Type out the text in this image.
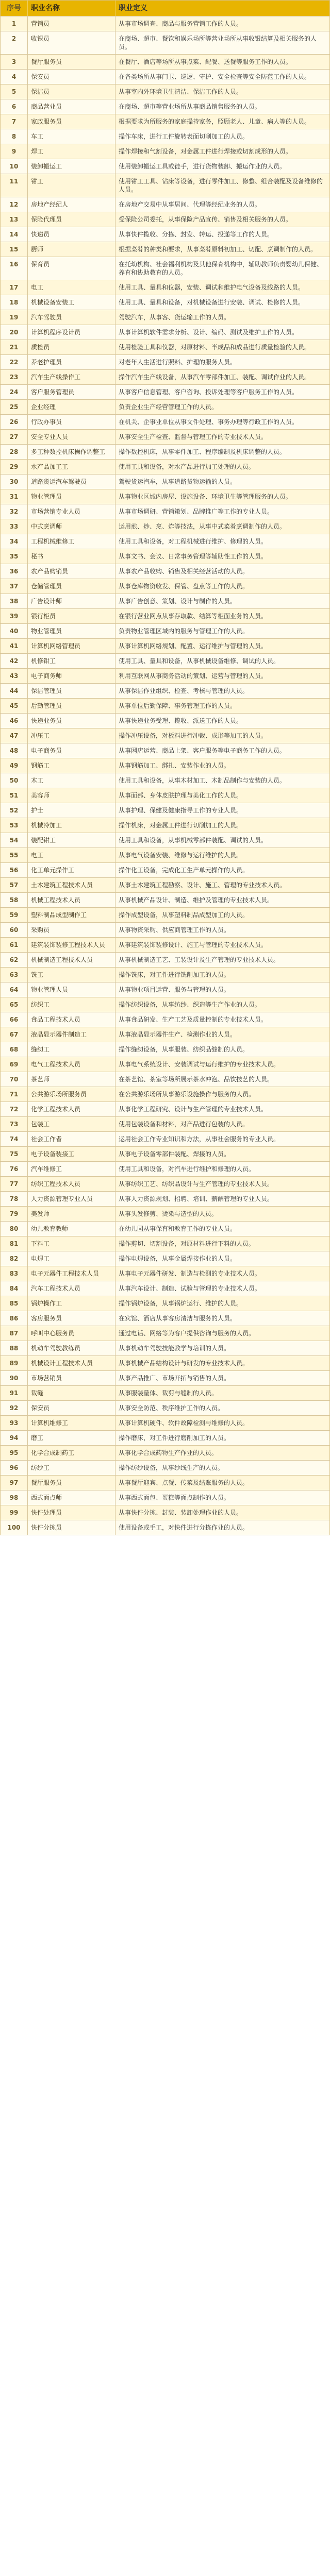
序号	职业名称	职业定义
1	营销员	从事市场调查、商品与服务营销工作的人员。
2	收银员	在商场、超市、餐饮和娱乐场所等营业场所从事收银结算及相关服务的人员。
3	餐厅服务员	在餐厅、酒店等场所从事点菜、配餐、送餐等服务工作的人员。
4	保安员	在各类场所从事门卫、巡逻、守护、安全检查等安全防范工作的人员。
5	保洁员	从事室内外环境卫生清洁、保洁工作的人员。
6	商品营业员	在商场、超市等营业场所从事商品销售服务的人员。
7	家政服务员	根据要求为所服务的家庭操持家务，照顾老人、儿童、病人等的人员。
8	车工	操作车床，进行工件旋转表面切削加工的人员。
9	焊工	操作焊接和气割设备，对金属工件进行焊接或切割成形的人员。
10	装卸搬运工	使用装卸搬运工具或徒手，进行货物装卸、搬运作业的人员。
11	钳工	使用钳工工具、钻床等设备，进行零件加工、修整、组合装配及设备维修的人员。
12	房地产经纪人	在房地产交易中从事居间、代理等经纪业务的人员。
13	保险代理员	受保险公司委托，从事保险产品宣传、销售及相关服务的人员。
14	快递员	从事快件揽收、分拣、封发、转运、投递等工作的人员。
15	厨师	根据菜肴的种类和要求，从事菜肴原料初加工、切配、烹调制作的人员。
16	保育员	在托幼机构、社会福利机构及其他保育机构中，辅助教师负责婴幼儿保健、养育和协助教育的人员。
17	电工	使用工具、量具和仪器，安装、调试和维护电气设备及线路的人员。
18	机械设备安装工	使用工具、量具和设备，对机械设备进行安装、调试、检修的人员。
19	汽车驾驶员	驾驶汽车，从事客、货运输工作的人员。
20	计算机程序设计员	从事计算机软件需求分析、设计、编码、测试及维护工作的人员。
21	质检员	使用检验工具和仪器，对原材料、半成品和成品进行质量检验的人员。
22	养老护理员	对老年人生活进行照料、护理的服务人员。
23	汽车生产线操作工	操作汽车生产线设备，从事汽车零部件加工、装配、调试作业的人员。
24	客户服务管理员	从事客户信息管理、客户咨询、投诉处理等客户服务工作的人员。
25	企业经理	负责企业生产经营管理工作的人员。
26	行政办事员	在机关、企事业单位从事文件处理、事务办理等行政工作的人员。
27	安全专业人员	从事安全生产检查、监督与管理工作的专业技术人员。
28	多工种数控机床操作调整工	操作数控机床，从事零件加工、程序编制及机床调整的人员。
29	水产品加工工	使用工具和设备，对水产品进行加工处理的人员。
30	道路货运汽车驾驶员	驾驶货运汽车，从事道路货物运输的人员。
31	物业管理员	从事物业区域内房屋、设施设备、环境卫生等管理服务的人员。
32	市场营销专业人员	从事市场调研、营销策划、品牌推广等工作的专业人员。
33	中式烹调师	运用煎、炒、烹、炸等技法，从事中式菜肴烹调制作的人员。
34	工程机械维修工	使用工具和设备，对工程机械进行维护、修理的人员。
35	秘书	从事文书、会议、日常事务管理等辅助性工作的人员。
36	农产品购销员	从事农产品收购、销售及相关经营活动的人员。
37	仓储管理员	从事仓库物资收发、保管、盘点等工作的人员。
38	广告设计师	从事广告创意、策划、设计与制作的人员。
39	银行柜员	在银行营业网点从事存取款、结算等柜面业务的人员。
40	物业管理员	负责物业管理区域内的服务与管理工作的人员。
41	计算机网络管理员	从事计算机网络规划、配置、运行维护与管理的人员。
42	机修钳工	使用工具、量具和设备，从事机械设备维修、调试的人员。
43	电子商务师	利用互联网从事商务活动的策划、运营与管理的人员。
44	保洁管理员	从事保洁作业组织、检查、考核与管理的人员。
45	后勤管理员	从事单位后勤保障、事务管理工作的人员。
46	快递业务员	从事快递业务受理、揽收、派送工作的人员。
47	冲压工	操作冲压设备，对板料进行冲裁、成形等加工的人员。
48	电子商务员	从事网店运营、商品上架、客户服务等电子商务工作的人员。
49	钢筋工	从事钢筋加工、绑扎、安装作业的人员。
50	木工	使用工具和设备，从事木材加工、木制品制作与安装的人员。
51	美容师	从事面部、身体皮肤护理与美化工作的人员。
52	护士	从事护理、保健及健康指导工作的专业人员。
53	机械冷加工	操作机床，对金属工件进行切削加工的人员。
54	装配钳工	使用工具和设备，从事机械零部件装配、调试的人员。
55	电工	从事电气设备安装、维修与运行维护的人员。
56	化工单元操作工	操作化工设备，完成化工生产单元操作的人员。
57	土木建筑工程技术人员	从事土木建筑工程勘察、设计、施工、管理的专业技术人员。
58	机械工程技术人员	从事机械产品设计、制造、维护及管理的专业技术人员。
59	塑料制品成型制作工	操作成型设备，从事塑料制品成型加工的人员。
60	采购员	从事物资采购、供应商管理工作的人员。
61	建筑装饰装修工程技术人员	从事建筑装饰装修设计、施工与管理的专业技术人员。
62	机械制造工程技术人员	从事机械制造工艺、工装设计及生产管理的专业技术人员。
63	铣工	操作铣床，对工件进行铣削加工的人员。
64	物业管理人员	从事物业项目运营、服务与管理的人员。
65	纺织工	操作纺织设备，从事纺纱、织造等生产作业的人员。
66	食品工程技术人员	从事食品研发、生产工艺及质量控制的专业技术人员。
67	液晶显示器件制造工	从事液晶显示器件生产、检测作业的人员。
68	缝纫工	操作缝纫设备，从事服装、纺织品缝制的人员。
69	电气工程技术人员	从事电气系统设计、安装调试与运行维护的专业技术人员。
70	茶艺师	在茶艺馆、茶室等场所展示茶水冲泡、品饮技艺的人员。
71	公共游乐场所服务员	在公共游乐场所从事游乐设施操作与服务的人员。
72	化学工程技术人员	从事化学工程研究、设计与生产管理的专业技术人员。
73	包装工	使用包装设备和材料，对产品进行包装的人员。
74	社会工作者	运用社会工作专业知识和方法，从事社会服务的专业人员。
75	电子设备装接工	从事电子设备零部件装配、焊接的人员。
76	汽车维修工	使用工具和设备，对汽车进行维护和修理的人员。
77	纺织工程技术人员	从事纺织工艺、纺织品设计与生产管理的专业技术人员。
78	人力资源管理专业人员	从事人力资源规划、招聘、培训、薪酬管理的专业人员。
79	美发师	从事头发修剪、烫染与造型的人员。
80	幼儿教育教师	在幼儿园从事保育和教育工作的专业人员。
81	下料工	操作剪切、切割设备，对原材料进行下料的人员。
82	电焊工	操作电焊设备，从事金属焊接作业的人员。
83	电子元器件工程技术人员	从事电子元器件研发、制造与检测的专业技术人员。
84	汽车工程技术人员	从事汽车设计、制造、试验与管理的专业技术人员。
85	锅炉操作工	操作锅炉设备，从事锅炉运行、维护的人员。
86	客房服务员	在宾馆、酒店从事客房清洁与服务的人员。
87	呼叫中心服务员	通过电话、网络等为客户提供咨询与服务的人员。
88	机动车驾驶教练员	从事机动车驾驶技能教学与培训的人员。
89	机械设计工程技术人员	从事机械产品结构设计与研发的专业技术人员。
90	市场营销员	从事产品推广、市场开拓与销售的人员。
91	裁缝	从事服装量体、裁剪与缝制的人员。
92	保安员	从事安全防范、秩序维护工作的人员。
93	计算机维修工	从事计算机硬件、软件故障检测与维修的人员。
94	磨工	操作磨床，对工件进行磨削加工的人员。
95	化学合成制药工	从事化学合成药物生产作业的人员。
96	纺纱工	操作纺纱设备，从事纱线生产的人员。
97	餐厅服务员	从事餐厅迎宾、点餐、传菜及结账服务的人员。
98	西式面点师	从事西式面包、蛋糕等面点制作的人员。
99	快件处理员	从事快件分拣、封装、装卸处理作业的人员。
100	快件分拣员	使用设备或手工，对快件进行分拣作业的人员。
